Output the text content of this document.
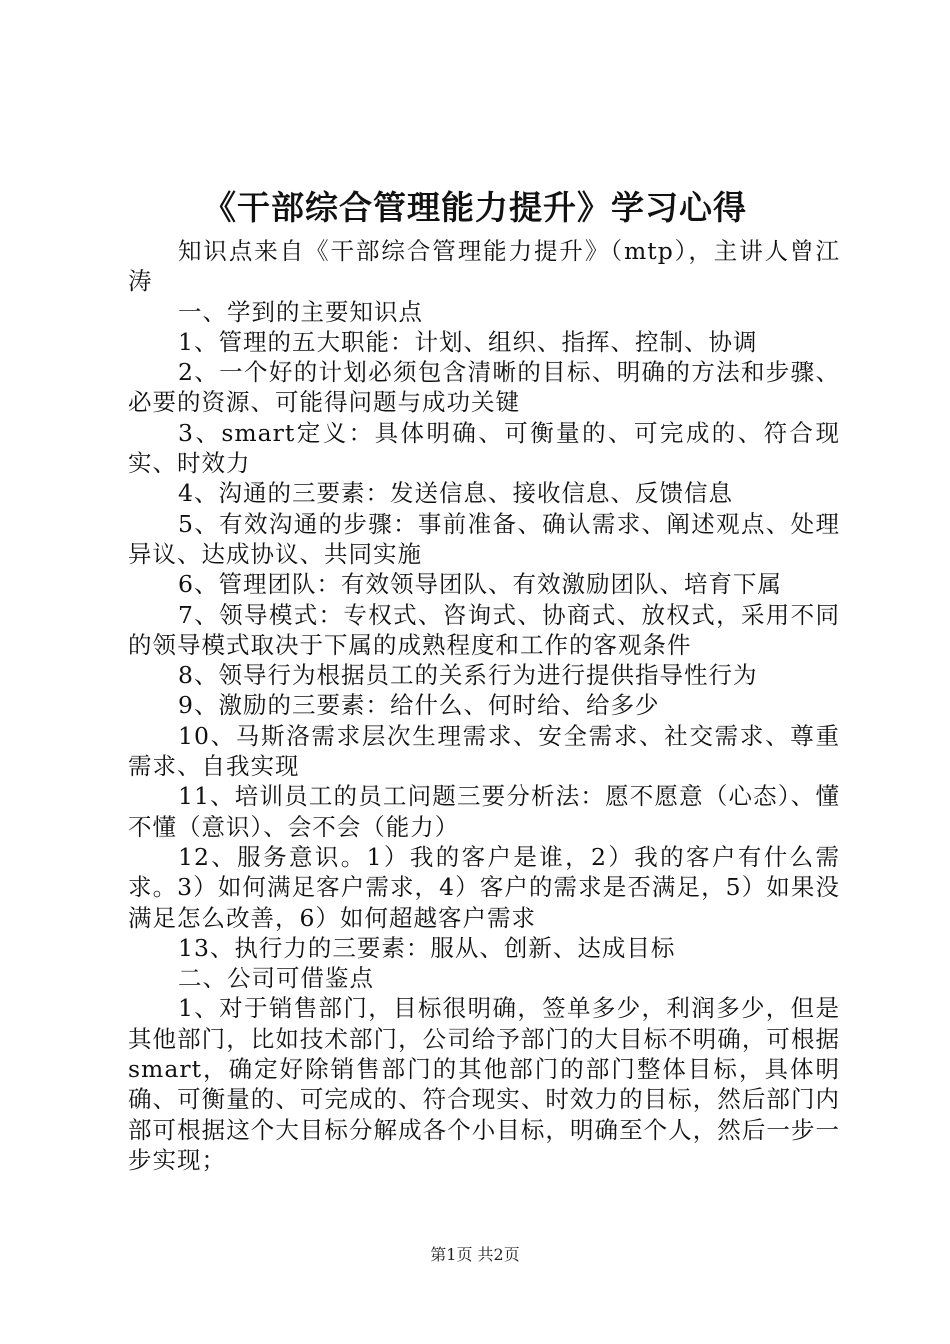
《干部综合管理能力提升》学习心得

知识点来自《干部综合管理能力提升》（mtp），主讲人曾江涛

一、学到的主要知识点

1、管理的五大职能：计划、组织、指挥、控制、协调

2、一个好的计划必须包含清晰的目标、明确的方法和步骤、必要的资源、可能得问题与成功关键

3、smart定义：具体明确、可衡量的、可完成的、符合现实、时效力

4、沟通的三要素：发送信息、接收信息、反馈信息

5、有效沟通的步骤：事前准备、确认需求、阐述观点、处理异议、达成协议、共同实施

6、管理团队：有效领导团队、有效激励团队、培育下属

7、领导模式：专权式、咨询式、协商式、放权式，采用不同的领导模式取决于下属的成熟程度和工作的客观条件

8、领导行为根据员工的关系行为进行提供指导性行为

9、激励的三要素：给什么、何时给、给多少

10、马斯洛需求层次生理需求、安全需求、社交需求、尊重需求、自我实现

11、培训员工的员工问题三要分析法：愿不愿意（心态）、懂不懂（意识）、会不会（能力）

12、服务意识。1）我的客户是谁，2）我的客户有什么需求。3）如何满足客户需求，4）客户的需求是否满足，5）如果没满足怎么改善，6）如何超越客户需求

13、执行力的三要素：服从、创新、达成目标

二、公司可借鉴点

1、对于销售部门，目标很明确，签单多少，利润多少，但是其他部门，比如技术部门，公司给予部门的大目标不明确，可根据smart，确定好除销售部门的其他部门的部门整体目标，具体明确、可衡量的、可完成的、符合现实、时效力的目标，然后部门内部可根据这个大目标分解成各个小目标，明确至个人，然后一步一步实现；

第1页 共2页
